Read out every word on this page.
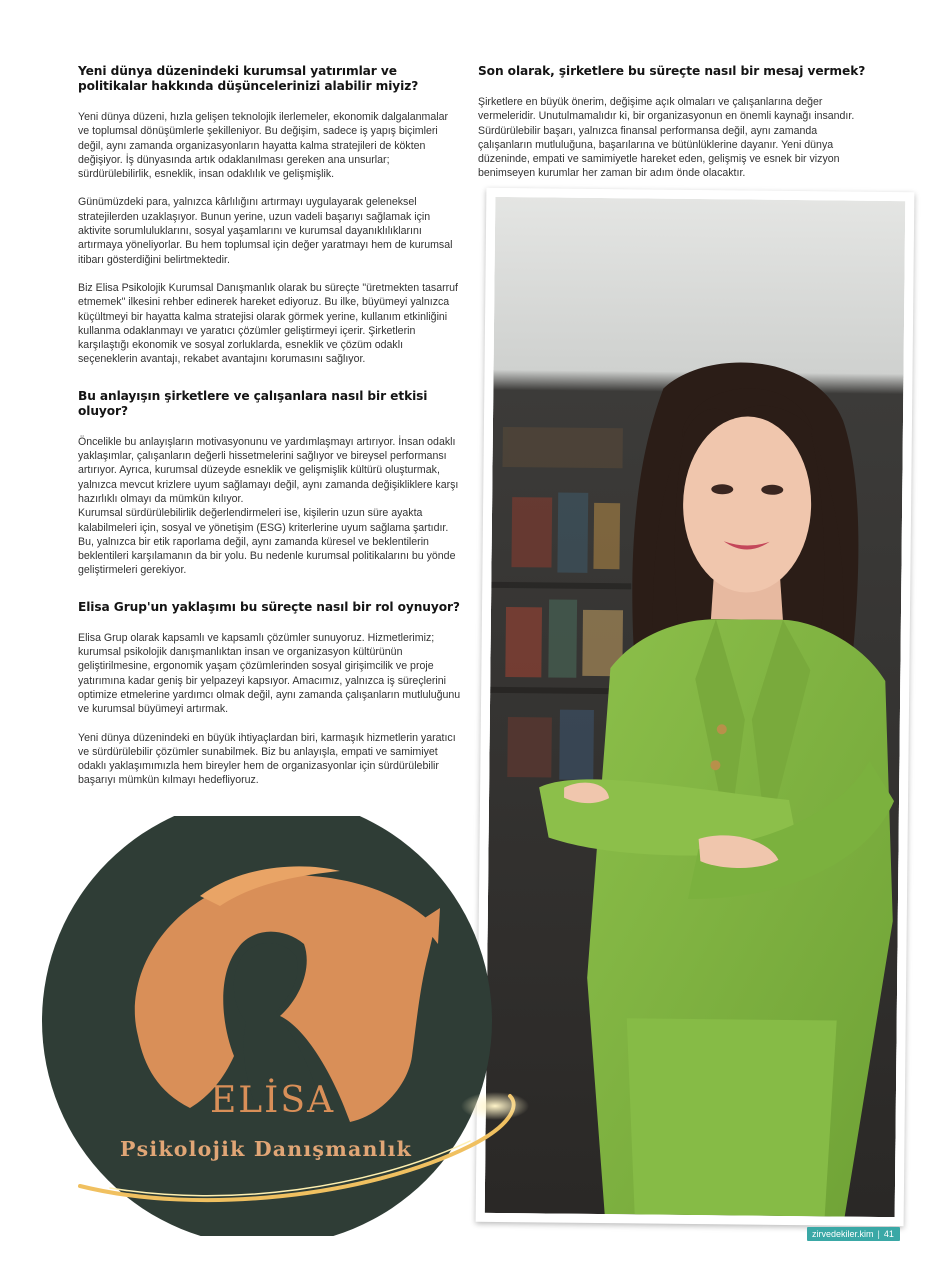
Yeni dünya düzenindeki kurumsal yatırımlar ve politikalar hakkında düşüncelerinizi alabilir miyiz?

Yeni dünya düzeni, hızla gelişen teknolojik ilerlemeler, ekonomik dalgalanmalar ve toplumsal dönüşümlerle şekilleniyor. Bu değişim, sadece iş yapış biçimleri değil, aynı zamanda organizasyonların hayatta kalma stratejileri de kökten değişiyor. İş dünyasında artık odaklanılması gereken ana unsurlar; sürdürülebilirlik, esneklik, insan odaklılık ve gelişmişlik.

Günümüzdeki para, yalnızca kârlılığını artırmayı uygulayarak geleneksel stratejilerden uzaklaşıyor. Bunun yerine, uzun vadeli başarıyı sağlamak için aktivite sorumluluklarını, sosyal yaşamlarını ve kurumsal dayanıklılıklarını artırmaya yöneliyorlar. Bu hem toplumsal için değer yaratmayı hem de kurumsal itibarı gösterdiğini belirtmektedir.

Biz Elisa Psikolojik Kurumsal Danışmanlık olarak bu süreçte "üretmekten tasarruf etmemek" ilkesini rehber edinerek hareket ediyoruz. Bu ilke, büyümeyi yalnızca küçültmeyi bir hayatta kalma stratejisi olarak görmek yerine, kullanım etkinliğini kullanma odaklanmayı ve yaratıcı çözümler geliştirmeyi içerir. Şirketlerin karşılaştığı ekonomik ve sosyal zorluklarda, esneklik ve çözüm odaklı seçeneklerin avantajı, rekabet avantajını korumasını sağlıyor.

Bu anlayışın şirketlere ve çalışanlara nasıl bir etkisi oluyor?

Öncelikle bu anlayışların motivasyonunu ve yardımlaşmayı artırıyor. İnsan odaklı yaklaşımlar, çalışanların değerli hissetmelerini sağlıyor ve bireysel performansı artırıyor. Ayrıca, kurumsal düzeyde esneklik ve gelişmişlik kültürü oluşturmak, yalnızca mevcut krizlere uyum sağlamayı değil, aynı zamanda değişikliklere karşı hazırlıklı olmayı da mümkün kılıyor.

Kurumsal sürdürülebilirlik değerlendirmeleri ise, kişilerin uzun süre ayakta kalabilmeleri için, sosyal ve yönetişim (ESG) kriterlerine uyum sağlama şartıdır. Bu, yalnızca bir etik raporlama değil, aynı zamanda küresel ve beklentilerin beklentileri karşılamanın da bir yolu. Bu nedenle kurumsal politikalarını bu yönde geliştirmeleri gerekiyor.

Elisa Grup'un yaklaşımı bu süreçte nasıl bir rol oynuyor?

Elisa Grup olarak kapsamlı ve kapsamlı çözümler sunuyoruz. Hizmetlerimiz; kurumsal psikolojik danışmanlıktan insan ve organizasyon kültürünün geliştirilmesine, ergonomik yaşam çözümlerinden sosyal girişimcilik ve proje yatırımına kadar geniş bir yelpazeyi kapsıyor. Amacımız, yalnızca iş süreçlerini optimize etmelerine yardımcı olmak değil, aynı zamanda çalışanların mutluluğunu ve kurumsal büyümeyi artırmak.

Yeni dünya düzenindeki en büyük ihtiyaçlardan biri, karmaşık hizmetlerin yaratıcı ve sürdürülebilir çözümler sunabilmek. Biz bu anlayışla, empati ve samimiyet odaklı yaklaşımımızla hem bireyler hem de organizasyonlar için sürdürülebilir başarıyı mümkün kılmayı hedefliyoruz.

Son olarak, şirketlere bu süreçte nasıl bir mesaj vermek?

Şirketlere en büyük önerim, değişime açık olmaları ve çalışanlarına değer vermeleridir. Unutulmamalıdır ki, bir organizasyonun en önemli kaynağı insandır. Sürdürülebilir başarı, yalnızca finansal performansa değil, aynı zamanda çalışanların mutluluğuna, başarılarına ve bütünlüklerine dayanır. Yeni dünya düzeninde, empati ve samimiyetle hareket eden, gelişmiş ve esnek bir vizyon benimseyen kurumlar her zaman bir adım önde olacaktır.

ELİSA
Psikolojik Danışmanlık
zirvedekiler.kim | 41
